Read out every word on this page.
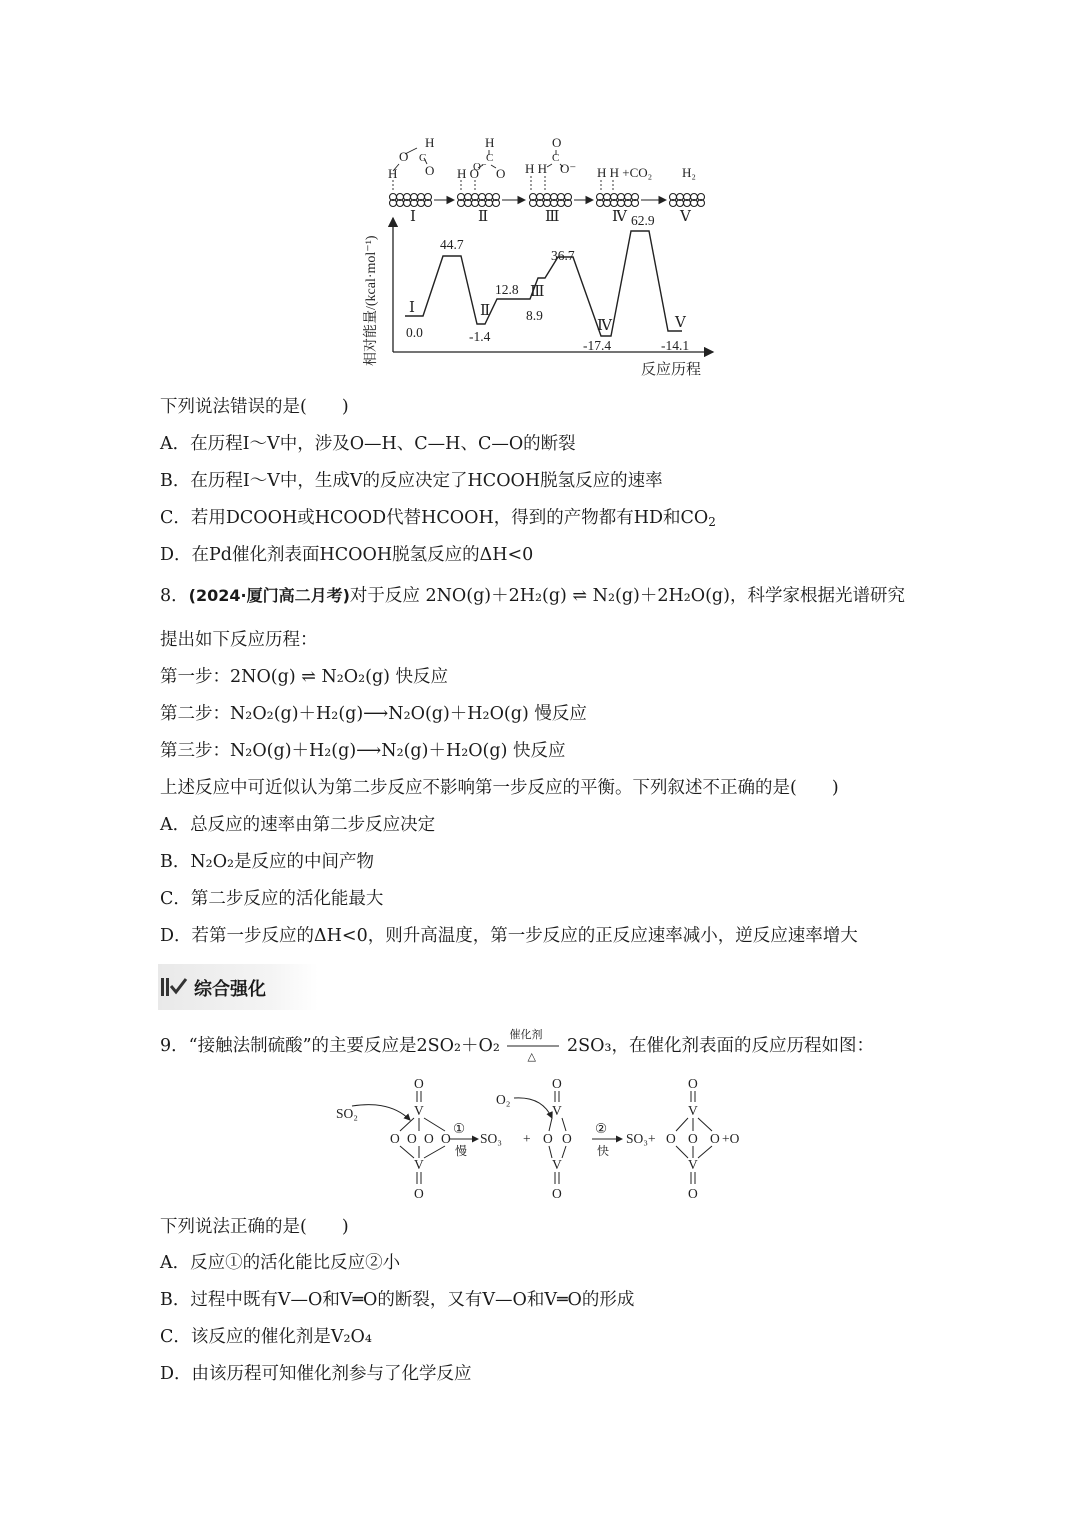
H
O C
O
H
H
C
H O O
O
C
H H O⁻ H H +CO₂ H₂
O⁻
Ⅰ	Ⅱ	Ⅲ	Ⅳ	Ⅴ
相对能量/(kcal·mol⁻¹)
反应历程
Ⅰ
0.0
44.7
Ⅱ
-1.4
12.8 Ⅲ
8.9
36.7
Ⅳ
-17.4
62.9
Ⅴ
-14.1
下列说法错误的是(　　)
A．在历程Ⅰ～Ⅴ中，涉及O—H、C—H、C—O的断裂
B．在历程Ⅰ～Ⅴ中，生成Ⅴ的反应决定了HCOOH脱氢反应的速率
C．若用DCOOH或HCOOD代替HCOOH，得到的产物都有HD和$CO_2$
D．在Pd催化剂表面HCOOH脱氢反应的ΔH<0
8．(2024·厦门高二月考)对于反应 2NO(g)＋2H₂(g) ⇌ N₂(g)＋2H₂O(g)，科学家根据光谱研究
提出如下反应历程：
第一步：2NO(g) ⇌ N₂O₂(g) 快反应
第二步：N₂O₂(g)＋H₂(g)⟶N₂O(g)＋H₂O(g) 慢反应
第三步：N₂O(g)＋H₂(g)⟶N₂(g)＋H₂O(g) 快反应
上述反应中可近似认为第二步反应不影响第一步反应的平衡。下列叙述不正确的是(　　)
A．总反应的速率由第二步反应决定
B．N₂O₂是反应的中间产物
C．第二步反应的活化能最大
D．若第一步反应的ΔH<0，则升高温度，第一步反应的正反应速率减小，逆反应速率增大
综合强化
9．“接触法制硫酸”的主要反应是2SO₂＋O₂
催化剂
△
2SO₃，在催化剂表面的反应历程如图：
SO₂
O
V
O O O O
V
O
①
慢
SO₃ +
O₂
O
V
O O
V
O
②
快
SO₃+
O
V
O O O +O
V
O
下列说法正确的是(　　)
A．反应①的活化能比反应②小
B．过程中既有V—O和V═O的断裂，又有V—O和V═O的形成
C．该反应的催化剂是V₂O₄
D．由该历程可知催化剂参与了化学反应
